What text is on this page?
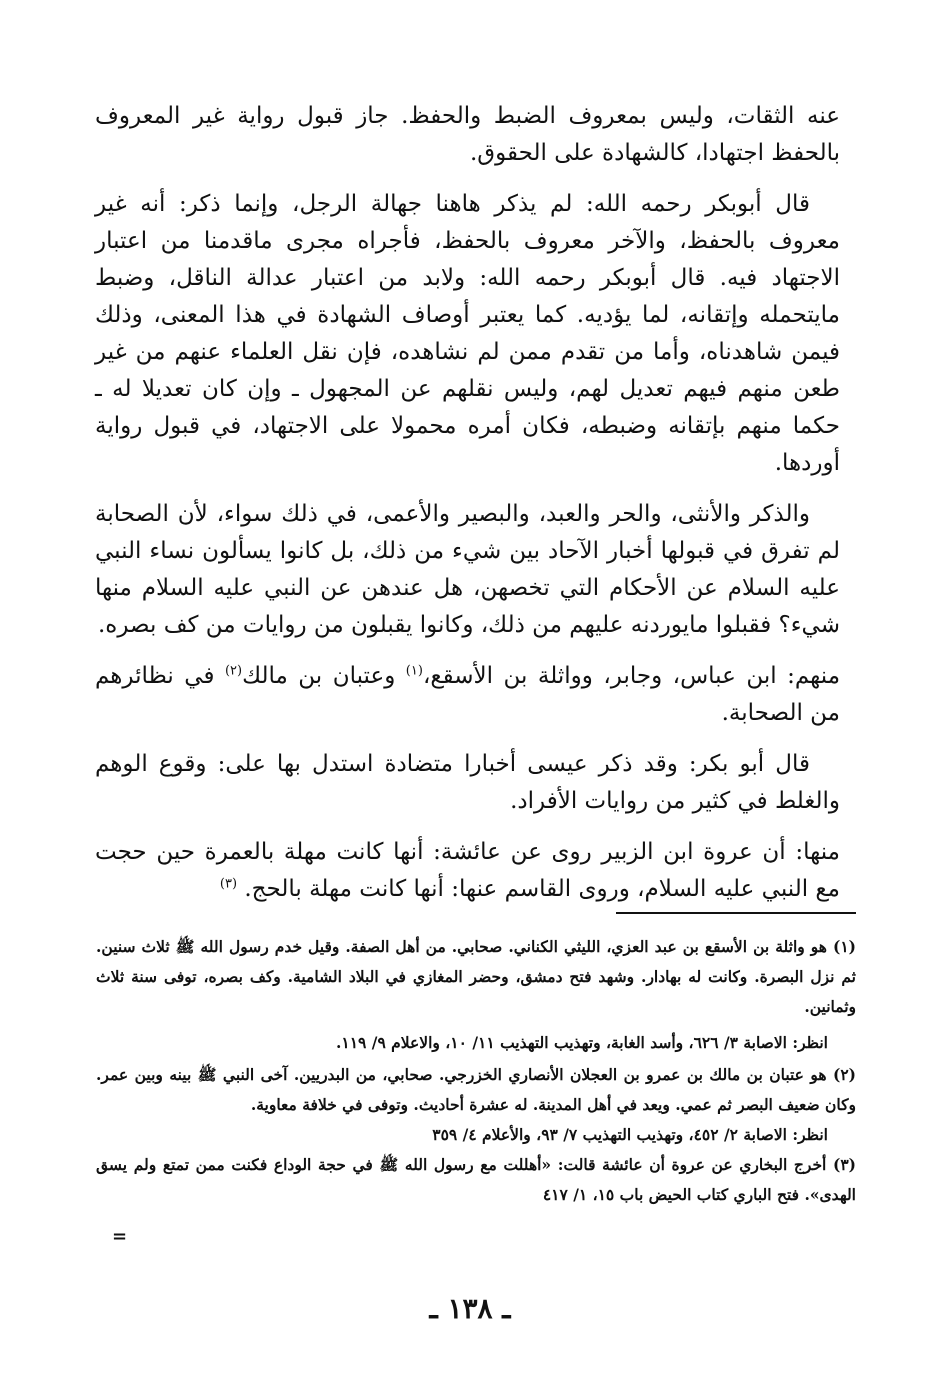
عنه الثقات، وليس بمعروف الضبط والحفظ. جاز قبول رواية غير المعروف بالحفظ اجتهادا، كالشهادة على الحقوق.

قال أبوبكر رحمه الله: لم يذكر هاهنا جهالة الرجل، وإنما ذكر: أنه غير معروف بالحفظ، والآخر معروف بالحفظ، فأجراه مجرى ماقدمنا من اعتبار الاجتهاد فيه. قال أبوبكر رحمه الله: ولابد من اعتبار عدالة الناقل، وضبط مايتحمله وإتقانه، لما يؤديه. كما يعتبر أوصاف الشهادة في هذا المعنى، وذلك فيمن شاهدناه، وأما من تقدم ممن لم نشاهده، فإن نقل العلماء عنهم من غير طعن منهم فيهم تعديل لهم، وليس نقلهم عن المجهول ـ وإن كان تعديلا له ـ حكما منهم بإتقانه وضبطه، فكان أمره محمولا على الاجتهاد، في قبول رواية أوردها.

والذكر والأنثى، والحر والعبد، والبصير والأعمى، في ذلك سواء، لأن الصحابة لم تفرق في قبولها أخبار الآحاد بين شيء من ذلك، بل كانوا يسألون نساء النبي عليه السلام عن الأحكام التي تخصهن، هل عندهن عن النبي عليه السلام منها شيء؟ فقبلوا مايوردنه عليهم من ذلك، وكانوا يقبلون من روايات من كف بصره.

منهم: ابن عباس، وجابر، وواثلة بن الأسقع،$^{(١)}$ وعتبان بن مالك$^{(٢)}$ في نظائرهم من الصحابة.

قال أبو بكر: وقد ذكر عيسى أخبارا متضادة استدل بها على: وقوع الوهم والغلط في كثير من روايات الأفراد.

منها: أن عروة ابن الزبير روى عن عائشة: أنها كانت مهلة بالعمرة حين حجت مع النبي عليه السلام، وروى القاسم عنها: أنها كانت مهلة بالحج. $^{(٣)}$

(١) هو واثلة بن الأسقع بن عبد العزي، الليثي الكناني. صحابي. من أهل الصفة. وقيل خدم رسول الله ﷺ ثلاث سنين. ثم نزل البصرة. وكانت له بهادار. وشهد فتح دمشق، وحضر المغازي في البلاد الشامية. وكف بصره، توفى سنة ثلاث وثمانين.

انظر: الاصابة ٣/ ٦٢٦، وأسد الغابة، وتهذيب التهذيب ١١/ ١٠، والاعلام ٩/ ١١٩.

(٢) هو عتبان بن مالك بن عمرو بن العجلان الأنصاري الخزرجي. صحابي، من البدريين. آخى النبي ﷺ بينه وبين عمر. وكان ضعيف البصر ثم عمي. ويعد في أهل المدينة. له عشرة أحاديث. وتوفى في خلافة معاوية.

انظر: الاصابة ٢/ ٤٥٢، وتهذيب التهذيب ٧/ ٩٣، والأعلام ٤/ ٣٥٩

(٣) أخرج البخاري عن عروة أن عائشة قالت: «أهللت مع رسول الله ﷺ في حجة الوداع فكنت ممن تمتع ولم يسق الهدى». فتح الباري كتاب الحيض باب ١٥، ١/ ٤١٧

=
ـ ١٣٨ ـ
